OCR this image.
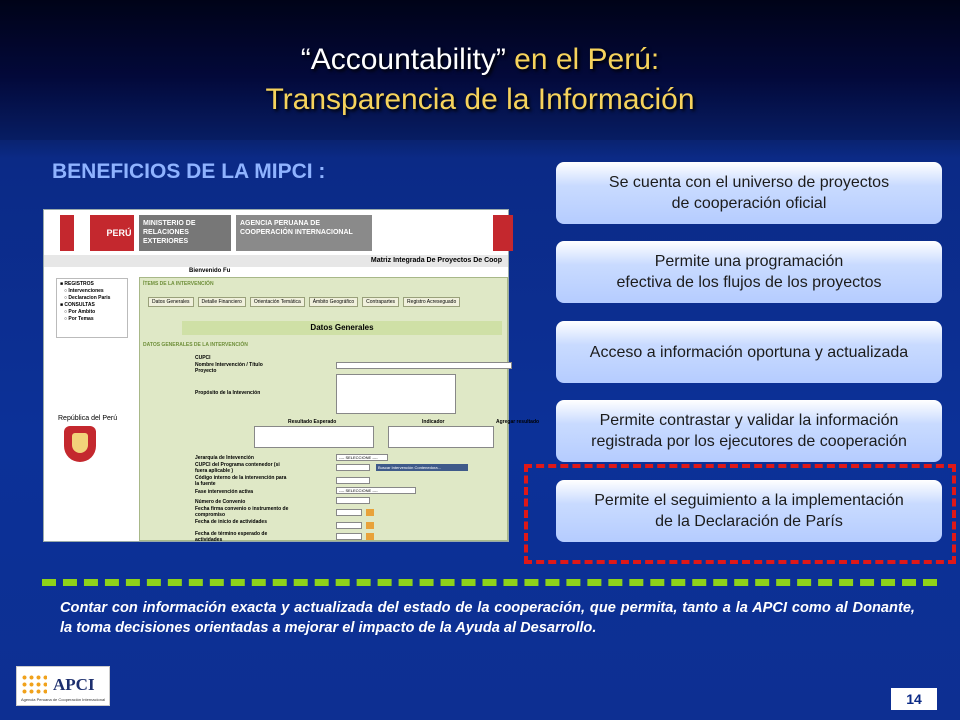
“Accountability” en el Perú:
Transparencia de la Información
BENEFICIOS DE LA MIPCI :
PERÚ
MINISTERIO DE RELACIONES EXTERIORES
AGENCIA PERUANA DE COOPERACIÓN INTERNACIONAL
Matriz Integrada De Proyectos De Coop
Bienvenido Fu
■ REGISTROS
○ Intervenciones
○ Declaracion Paris
■ CONSULTAS
○ Por Ambito
○ Por Temas
República del Perú
ÍTEMS DE LA INTERVENCIÓN
Datos Generales	Detalle Financiero	Orientación Temática	Ámbito Geográfico	Contrapartes	Registro Acreseguado
Datos Generales
DATOS GENERALES DE LA INTERVENCIÓN
CUPCI
Nombre Intervención / Título Proyecto
Propósito de la Intevención
Resultado Esperado	Indicador	Agregar resultado
Jerarquía de Intevención	---- SELECCIONE ----
CUPCI del Programa contenedor (si fuera aplicable )
Buscar Intervención Contenedora...
Código interno de la intervención para la fuente
Fase intervención activa	---- SELECCIONE ----
Número de Convenio
Fecha firma convenio o instrumento de compromiso
Fecha de inicio de actividades
Fecha de término esperado de actividades
Se cuenta con el universo de proyectos
de cooperación oficial
Permite una programación
efectiva de los flujos de los proyectos
Acceso a información oportuna y actualizada
Permite contrastar y validar la información
registrada por los ejecutores de cooperación
Permite el seguimiento a la implementación
de la Declaración de París
Contar con información exacta y actualizada del estado de la cooperación, que permita, tanto a la APCI como al Donante, la toma decisiones orientadas a mejorar el impacto de la Ayuda al Desarrollo.
APCI
Agencia Peruana de Cooperación Internacional	14
